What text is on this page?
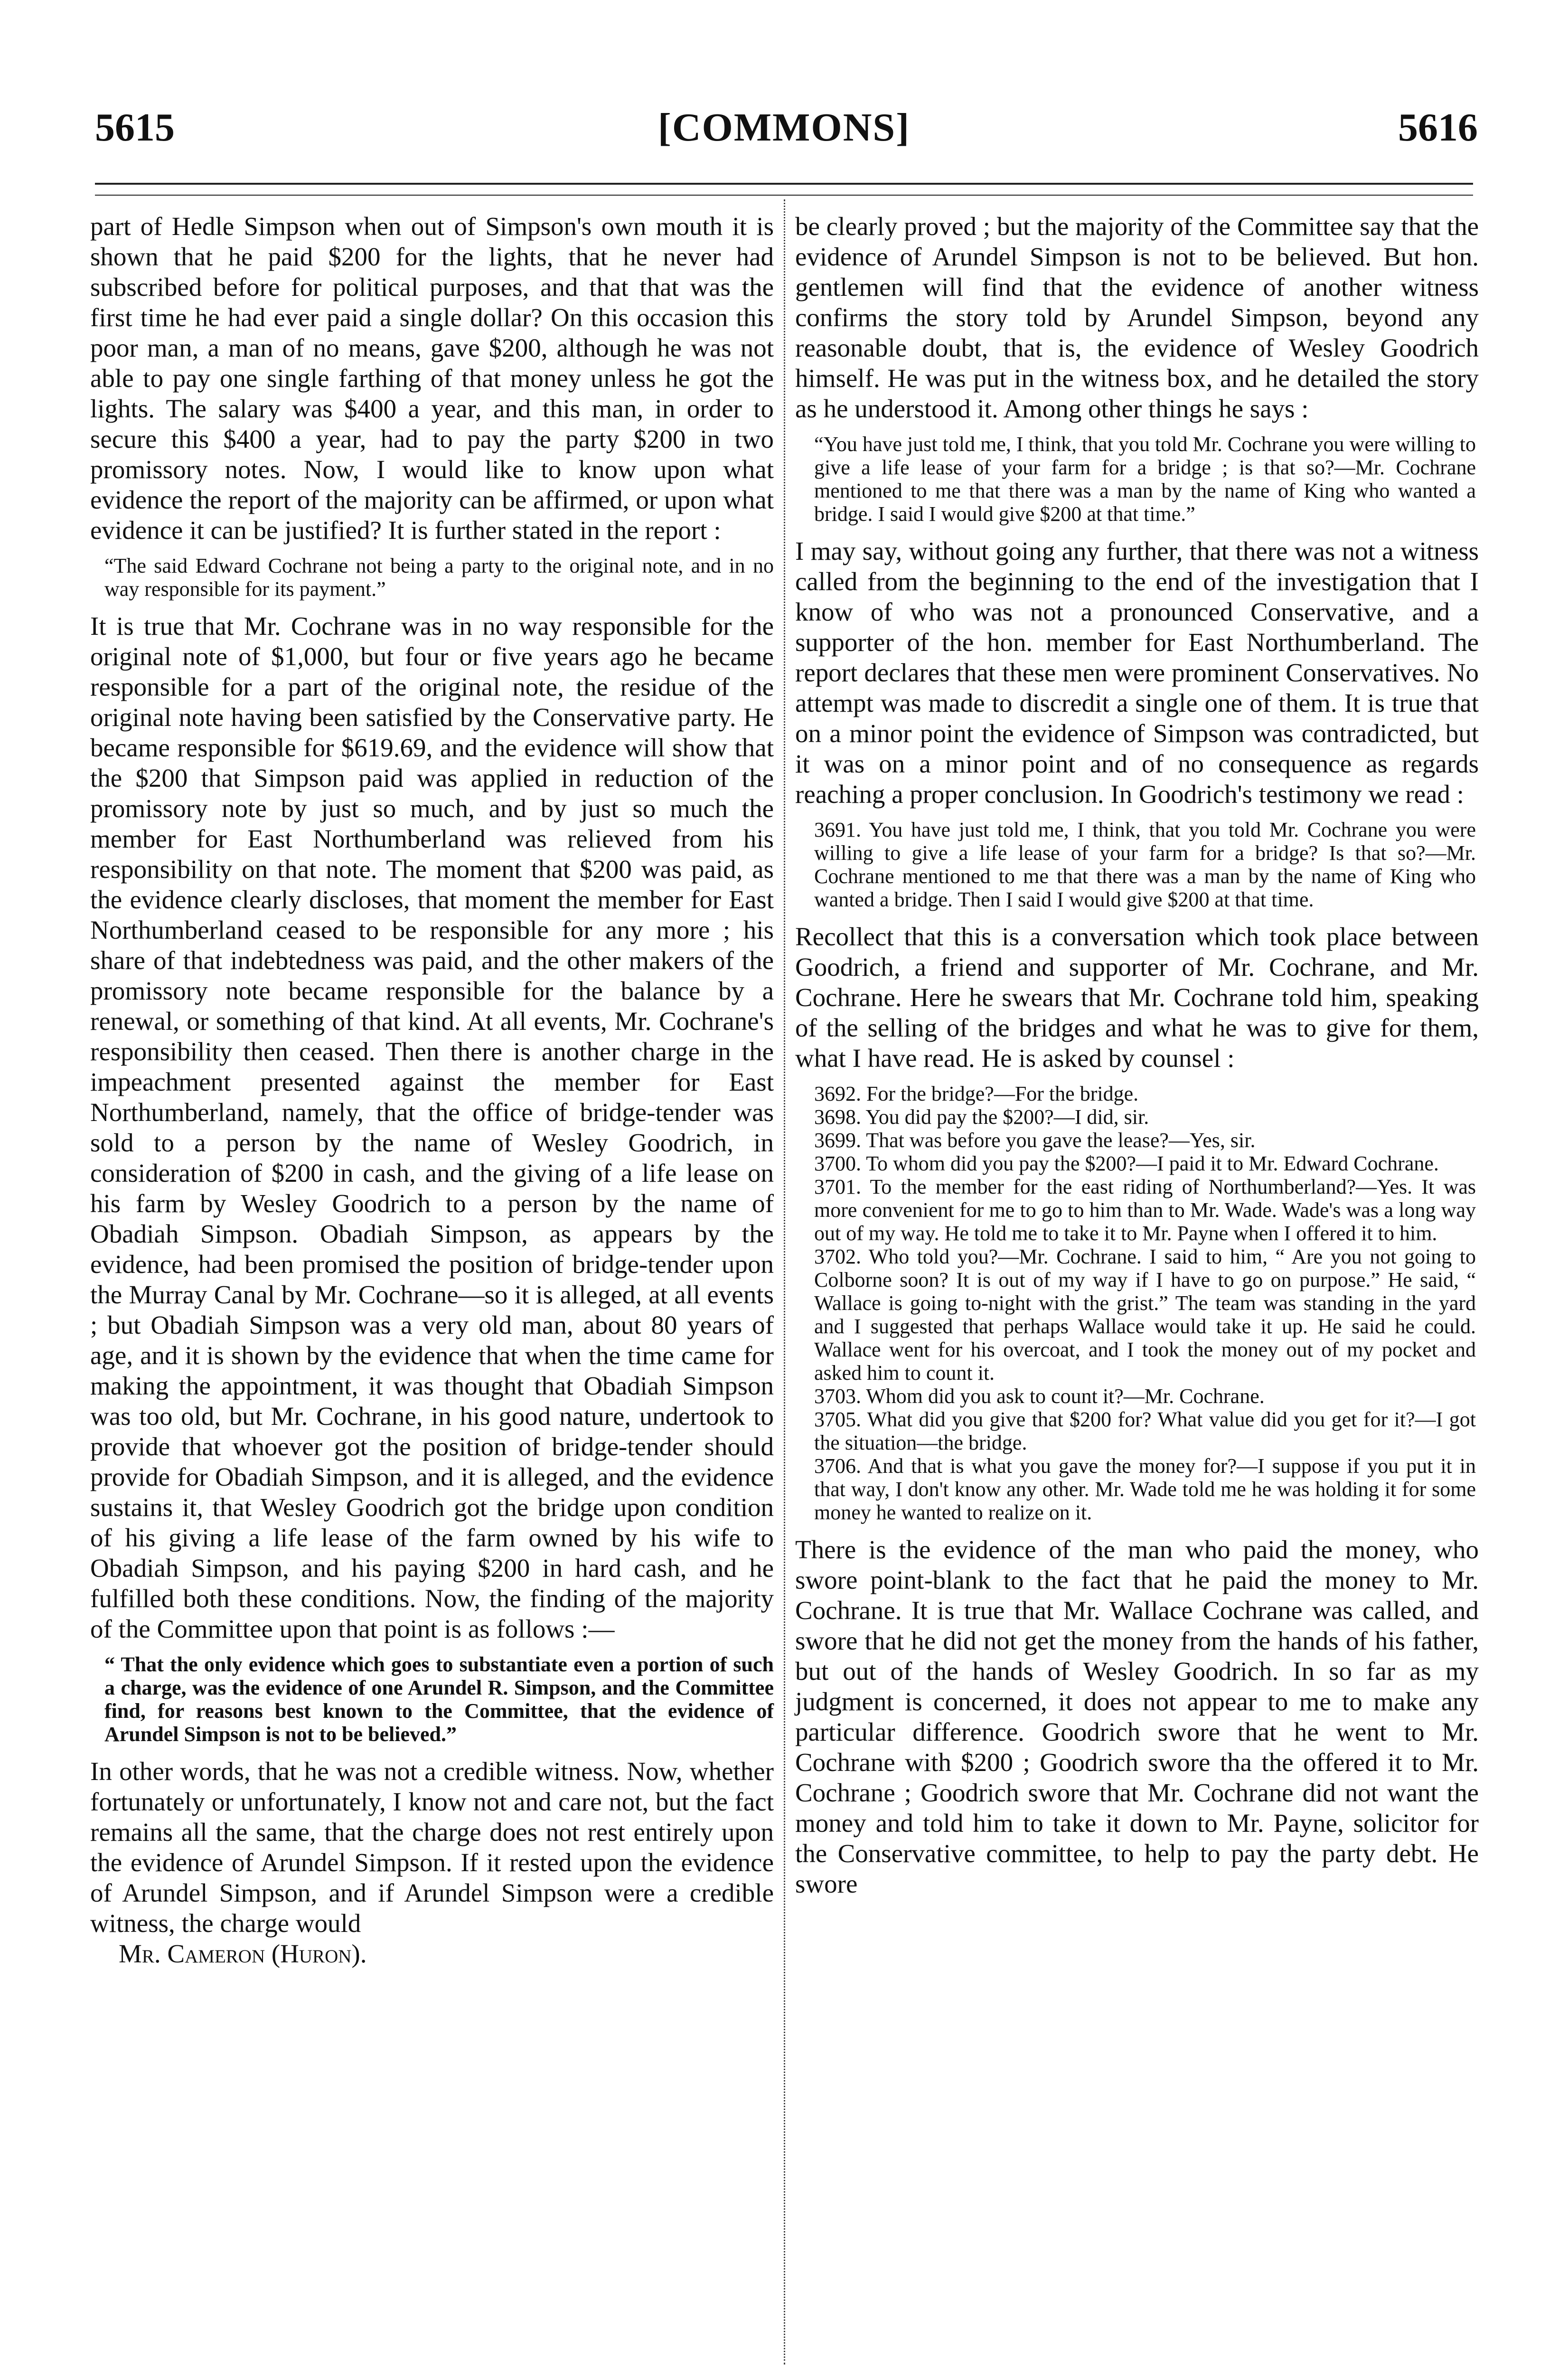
5615	[COMMONS]	5616

part of Hedle Simpson when out of Simpson's own mouth it is shown that he paid $200 for the lights, that he never had subscribed before for political purposes, and that that was the first time he had ever paid a single dollar? On this occasion this poor man, a man of no means, gave $200, although he was not able to pay one single farthing of that money unless he got the lights. The salary was $400 a year, and this man, in order to secure this $400 a year, had to pay the party $200 in two promissory notes. Now, I would like to know upon what evidence the report of the majority can be affirmed, or upon what evidence it can be justified? It is further stated in the report :

“The said Edward Cochrane not being a party to the original note, and in no way responsible for its payment.”

It is true that Mr. Cochrane was in no way responsible for the original note of $1,000, but four or five years ago he became responsible for a part of the original note, the residue of the original note having been satisfied by the Conservative party. He became responsible for $619.69, and the evidence will show that the $200 that Simpson paid was applied in reduction of the promissory note by just so much, and by just so much the member for East Northumberland was relieved from his responsibility on that note. The moment that $200 was paid, as the evidence clearly discloses, that moment the member for East Northumberland ceased to be responsible for any more ; his share of that indebtedness was paid, and the other makers of the promissory note became responsible for the balance by a renewal, or something of that kind. At all events, Mr. Cochrane's responsibility then ceased. Then there is another charge in the impeachment presented against the member for East Northumberland, namely, that the office of bridge-tender was sold to a person by the name of Wesley Goodrich, in consideration of $200 in cash, and the giving of a life lease on his farm by Wesley Goodrich to a person by the name of Obadiah Simpson. Obadiah Simpson, as appears by the evidence, had been promised the position of bridge-tender upon the Murray Canal by Mr. Cochrane—so it is alleged, at all events ; but Obadiah Simpson was a very old man, about 80 years of age, and it is shown by the evidence that when the time came for making the appointment, it was thought that Obadiah Simpson was too old, but Mr. Cochrane, in his good nature, undertook to provide that whoever got the position of bridge-tender should provide for Obadiah Simpson, and it is alleged, and the evidence sustains it, that Wesley Goodrich got the bridge upon condition of his giving a life lease of the farm owned by his wife to Obadiah Simpson, and his paying $200 in hard cash, and he fulfilled both these conditions. Now, the finding of the majority of the Committee upon that point is as follows :—

“ That the only evidence which goes to substantiate even a portion of such a charge, was the evidence of one Arundel R. Simpson, and the Committee find, for reasons best known to the Committee, that the evidence of Arundel Simpson is not to be believed.”

In other words, that he was not a credible witness. Now, whether fortunately or unfortunately, I know not and care not, but the fact remains all the same, that the charge does not rest entirely upon the evidence of Arundel Simpson. If it rested upon the evidence of Arundel Simpson, and if Arundel Simpson were a credible witness, the charge would

Mr. Cameron (Huron).

be clearly proved ; but the majority of the Committee say that the evidence of Arundel Simpson is not to be believed. But hon. gentlemen will find that the evidence of another witness confirms the story told by Arundel Simpson, beyond any reasonable doubt, that is, the evidence of Wesley Goodrich himself. He was put in the witness box, and he detailed the story as he understood it. Among other things he says :

“You have just told me, I think, that you told Mr. Cochrane you were willing to give a life lease of your farm for a bridge ; is that so?—Mr. Cochrane mentioned to me that there was a man by the name of King who wanted a bridge. I said I would give $200 at that time.”

I may say, without going any further, that there was not a witness called from the beginning to the end of the investigation that I know of who was not a pronounced Conservative, and a supporter of the hon. member for East Northumberland. The report declares that these men were prominent Conservatives. No attempt was made to discredit a single one of them. It is true that on a minor point the evidence of Simpson was contradicted, but it was on a minor point and of no consequence as regards reaching a proper conclusion. In Goodrich's testimony we read :

3691. You have just told me, I think, that you told Mr. Cochrane you were willing to give a life lease of your farm for a bridge? Is that so?—Mr. Cochrane mentioned to me that there was a man by the name of King who wanted a bridge. Then I said I would give $200 at that time.

Recollect that this is a conversation which took place between Goodrich, a friend and supporter of Mr. Cochrane, and Mr. Cochrane. Here he swears that Mr. Cochrane told him, speaking of the selling of the bridges and what he was to give for them, what I have read. He is asked by counsel :

3692. For the bridge?—For the bridge.
3698. You did pay the $200?—I did, sir.
3699. That was before you gave the lease?—Yes, sir.
3700. To whom did you pay the $200?—I paid it to Mr. Edward Cochrane.
3701. To the member for the east riding of Northumberland?—Yes. It was more convenient for me to go to him than to Mr. Wade. Wade's was a long way out of my way. He told me to take it to Mr. Payne when I offered it to him.
3702. Who told you?—Mr. Cochrane. I said to him, “ Are you not going to Colborne soon? It is out of my way if I have to go on purpose.” He said, “ Wallace is going to-night with the grist.” The team was standing in the yard and I suggested that perhaps Wallace would take it up. He said he could. Wallace went for his overcoat, and I took the money out of my pocket and asked him to count it.
3703. Whom did you ask to count it?—Mr. Cochrane.
3705. What did you give that $200 for? What value did you get for it?—I got the situation—the bridge.
3706. And that is what you gave the money for?—I suppose if you put it in that way, I don't know any other. Mr. Wade told me he was holding it for some money he wanted to realize on it.

There is the evidence of the man who paid the money, who swore point-blank to the fact that he paid the money to Mr. Cochrane. It is true that Mr. Wallace Cochrane was called, and swore that he did not get the money from the hands of his father, but out of the hands of Wesley Goodrich. In so far as my judgment is concerned, it does not appear to me to make any particular difference. Goodrich swore that he went to Mr. Cochrane with $200 ; Goodrich swore tha the offered it to Mr. Cochrane ; Goodrich swore that Mr. Cochrane did not want the money and told him to take it down to Mr. Payne, solicitor for the Conservative committee, to help to pay the party debt. He swore
